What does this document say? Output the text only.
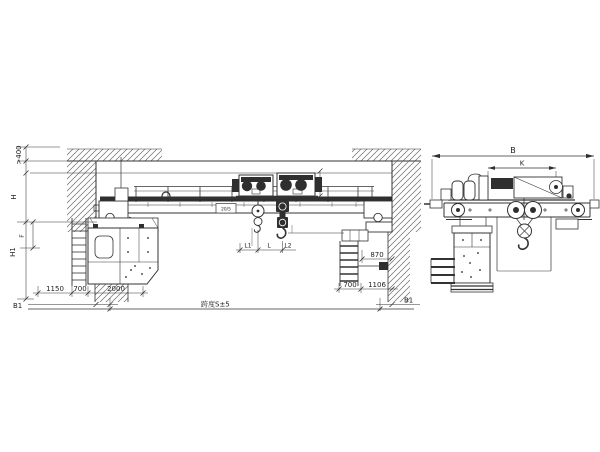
20/5
>400
H
F
H1
1150 700	2000
B1	跨度S±5	B1
L1	L L2
870
700 1106
B
K
